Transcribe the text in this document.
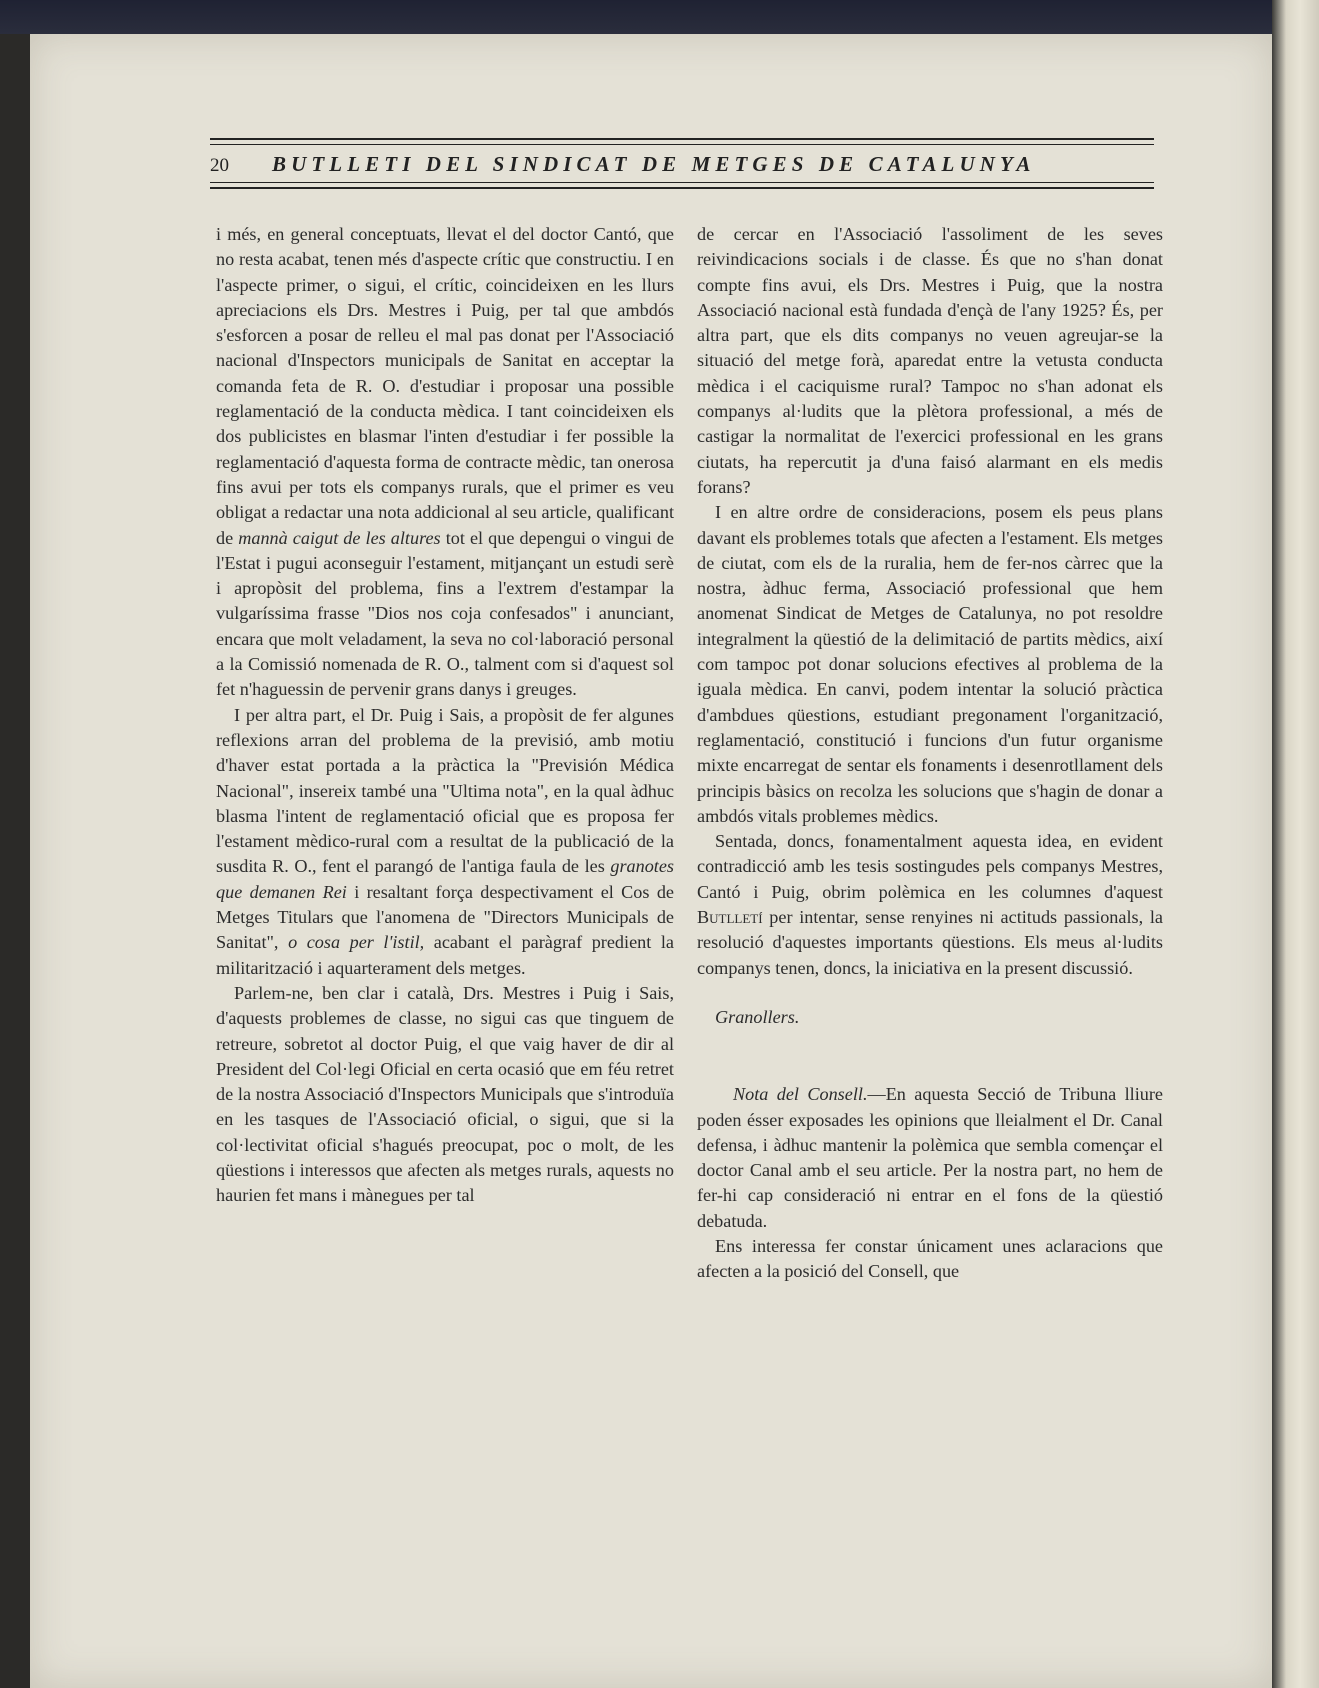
20 BUTLLETI DEL SINDICAT DE METGES DE CATALUNYA

i més, en general conceptuats, llevat el del doctor Cantó, que no resta acabat, tenen més d'aspecte crític que constructiu. I en l'aspecte primer, o sigui, el crític, coincideixen en les llurs apreciacions els Drs. Mestres i Puig, per tal que ambdós s'esforcen a posar de relleu el mal pas donat per l'Associació nacional d'Inspectors municipals de Sanitat en acceptar la comanda feta de R. O. d'estudiar i proposar una possible reglamentació de la conducta mèdica. I tant coincideixen els dos publicistes en blasmar l'inten d'estudiar i fer possible la reglamentació d'aquesta forma de contracte mèdic, tan onerosa fins avui per tots els companys rurals, que el primer es veu obligat a redactar una nota addicional al seu article, qualificant de mannà caigut de les altures tot el que depengui o vingui de l'Estat i pugui aconseguir l'estament, mitjançant un estudi serè i apropòsit del problema, fins a l'extrem d'estampar la vulgaríssima frasse "Dios nos coja confesados" i anunciant, encara que molt veladament, la seva no col·laboració personal a la Comissió nomenada de R. O., talment com si d'aquest sol fet n'haguessin de pervenir grans danys i greuges.

I per altra part, el Dr. Puig i Sais, a propòsit de fer algunes reflexions arran del problema de la previsió, amb motiu d'haver estat portada a la pràctica la "Previsión Médica Nacional", insereix també una "Ultima nota", en la qual àdhuc blasma l'intent de reglamentació oficial que es proposa fer l'estament mèdico-rural com a resultat de la publicació de la susdita R. O., fent el parangó de l'antiga faula de les granotes que demanen Rei i resaltant força despectivament el Cos de Metges Titulars que l'anomena de "Directors Municipals de Sanitat", o cosa per l'istil, acabant el paràgraf predient la militarització i aquarterament dels metges.

Parlem-ne, ben clar i català, Drs. Mestres i Puig i Sais, d'aquests problemes de classe, no sigui cas que tinguem de retreure, sobretot al doctor Puig, el que vaig haver de dir al President del Col·legi Oficial en certa ocasió que em féu retret de la nostra Associació d'Inspectors Municipals que s'introduïa en les tasques de l'Associació oficial, o sigui, que si la col·lectivitat oficial s'hagués preocupat, poc o molt, de les qüestions i interessos que afecten als metges rurals, aquests no haurien fet mans i mànegues per tal

de cercar en l'Associació l'assoliment de les seves reivindicacions socials i de classe. És que no s'han donat compte fins avui, els Drs. Mestres i Puig, que la nostra Associació nacional està fundada d'ençà de l'any 1925? És, per altra part, que els dits companys no veuen agreujar-se la situació del metge forà, aparedat entre la vetusta conducta mèdica i el caciquisme rural? Tampoc no s'han adonat els companys al·ludits que la plètora professional, a més de castigar la normalitat de l'exercici professional en les grans ciutats, ha repercutit ja d'una faisó alarmant en els medis forans?

I en altre ordre de consideracions, posem els peus plans davant els problemes totals que afecten a l'estament. Els metges de ciutat, com els de la ruralia, hem de fer-nos càrrec que la nostra, àdhuc ferma, Associació professional que hem anomenat Sindicat de Metges de Catalunya, no pot resoldre integralment la qüestió de la delimitació de partits mèdics, així com tampoc pot donar solucions efectives al problema de la iguala mèdica. En canvi, podem intentar la solució pràctica d'ambdues qüestions, estudiant pregonament l'organització, reglamentació, constitució i funcions d'un futur organisme mixte encarregat de sentar els fonaments i desenrotllament dels principis bàsics on recolza les solucions que s'hagin de donar a ambdós vitals problemes mèdics.

Sentada, doncs, fonamentalment aquesta idea, en evident contradicció amb les tesis sostingudes pels companys Mestres, Cantó i Puig, obrim polèmica en les columnes d'aquest Butlletí per intentar, sense renyines ni actituds passionals, la resolució d'aquestes importants qüestions. Els meus al·ludits companys tenen, doncs, la iniciativa en la present discussió.

Granollers.

Nota del Consell.—En aquesta Secció de Tribuna lliure poden ésser exposades les opinions que lleialment el Dr. Canal defensa, i àdhuc mantenir la polèmica que sembla començar el doctor Canal amb el seu article. Per la nostra part, no hem de fer-hi cap consideració ni entrar en el fons de la qüestió debatuda.

Ens interessa fer constar únicament unes aclaracions que afecten a la posició del Consell, que
